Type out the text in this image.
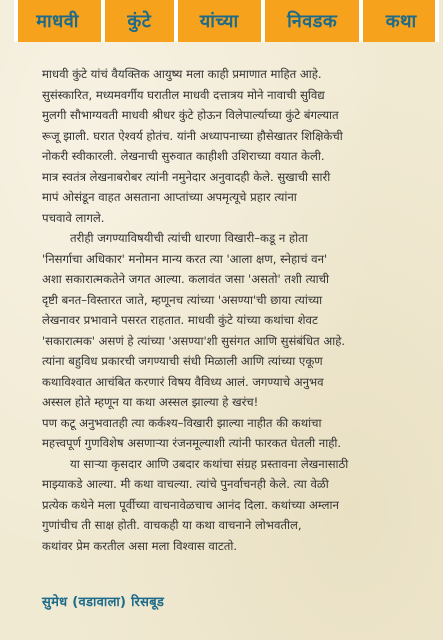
माधवी	कुंटे	यांच्या	निवडक	कथा
माधवी कुंटे यांचं वैयक्तिक आयुष्य मला काही प्रमाणात माहित आहे.
सुसंस्कारित, मध्यमवर्गीय घरातील माधवी दत्तात्रय मोने नावाची सुविद्य
मुलगी सौभाग्यवती माधवी श्रीधर कुंटे होऊन विलेपार्ल्याच्या कुंटे बंगल्यात
रूजू झाली. घरात ऐश्वर्य होतंच. यांनी अध्यापनाच्या हौसेखातर शिक्षिकेची
नोकरी स्वीकारली. लेखनाची सुरुवात काहीशी उशिराच्या वयात केली.
मात्र स्वतंत्र लेखनाबरोबर त्यांनी नमुनेदार अनुवादही केले. सुखाची सारी
मापं ओसंडून वाहत असताना आप्तांच्या अपमृत्यूचे प्रहार त्यांना
पचवावे लागले.
तरीही जगण्याविषयीची त्यांची धारणा विखारी–कडू न होता
'निसर्गाचा अधिकार' मनोमन मान्य करत त्या 'आला क्षण, स्नेहाचं वन'
अशा सकारात्मकतेने जगत आल्या. कलावंत जसा 'असतो' तशी त्याची
दृष्टी बनत–विस्तारत जाते, म्हणूनच त्यांच्या 'असण्या'ची छाया त्यांच्या
लेखनावर प्रभावाने पसरत राहतात. माधवी कुंटे यांच्या कथांचा शेवट
'सकारात्मक' असणं हे त्यांच्या 'असण्या'शी सुसंगत आणि सुसंबंधित आहे.
त्यांना बहुविध प्रकारची जगण्याची संधी मिळाली आणि त्यांच्या एकूण
कथाविश्वात आचंबित करणारं विषय वैविध्य आलं. जगण्याचे अनुभव
अस्सल होते म्हणून या कथा अस्सल झाल्या हे खरंच!
पण कटू अनुभवातही त्या कर्कश्य–विखारी झाल्या नाहीत की कथांचा
महत्त्वपूर्ण गुणविशेष असणाऱ्या रंजनमूल्याशी त्यांनी फारकत घेतली नाही.
या साऱ्या कृसदार आणि उबदार कथांचा संग्रह प्रस्तावना लेखनासाठी
माझ्याकडे आल्या. मी कथा वाचल्या. त्यांचे पुनर्वाचनही केले. त्या वेळी
प्रत्येक कथेने मला पूर्वीच्या वाचनावेळचाच आनंद दिला. कथांच्या अम्लान
गुणांचीच ती साक्ष होती. वाचकही या कथा वाचनाने लोभवतील,
कथांवर प्रेम करतील असा मला विश्वास वाटतो.
सुमेध (वडावाला) रिसबूड
